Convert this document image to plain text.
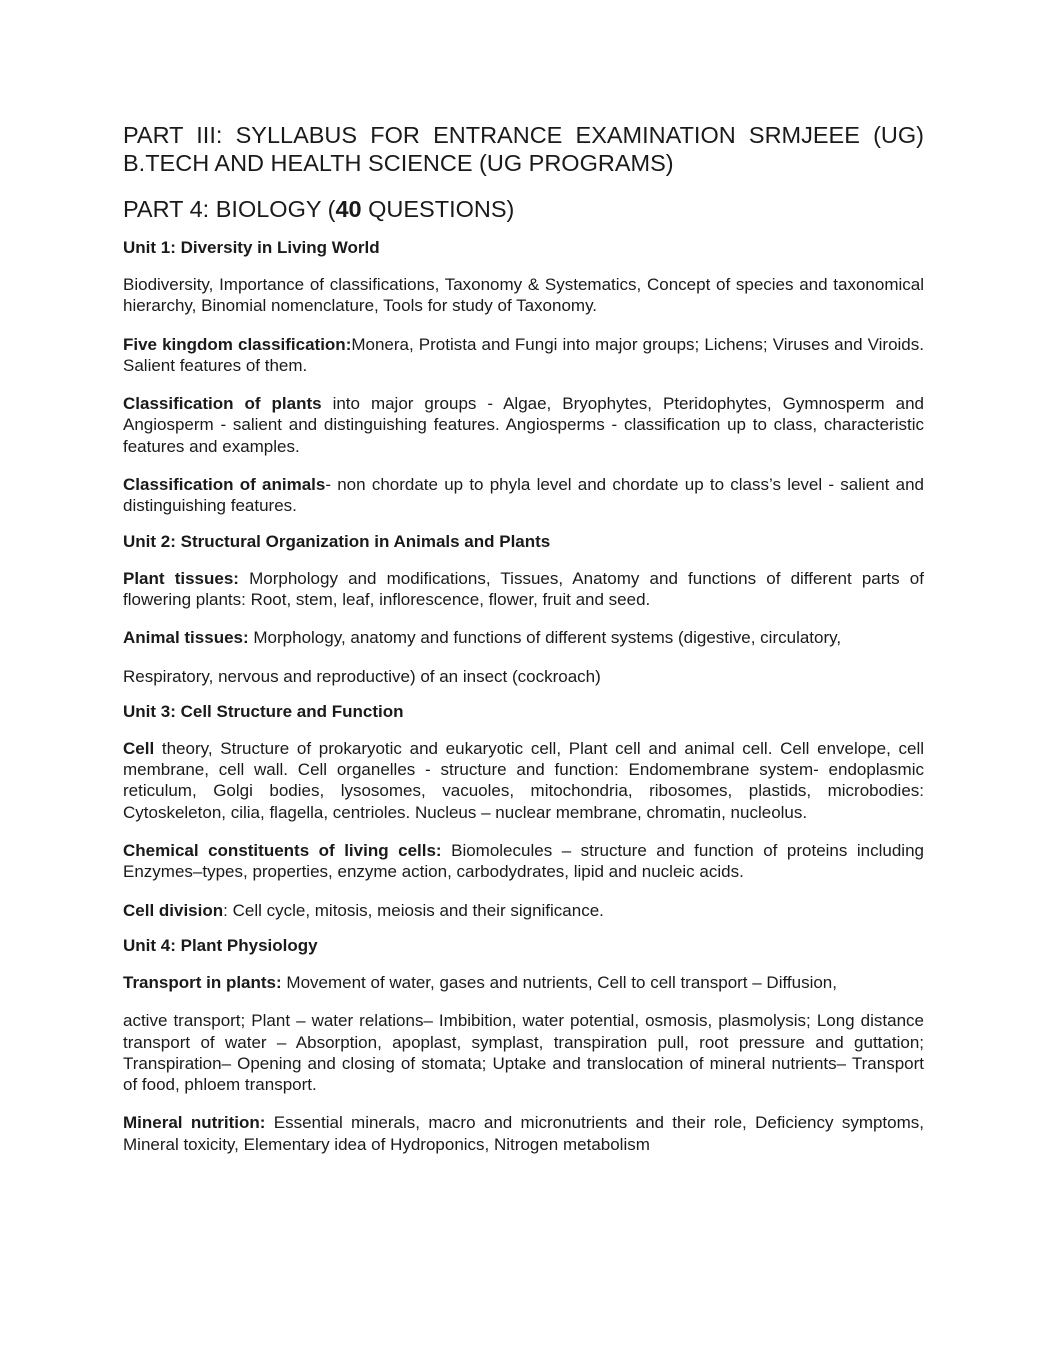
PART III: SYLLABUS FOR ENTRANCE EXAMINATION SRMJEEE (UG)
B.TECH AND HEALTH SCIENCE (UG PROGRAMS)
PART 4: BIOLOGY (40 QUESTIONS)
Unit 1: Diversity in Living World

Biodiversity, Importance of classifications, Taxonomy & Systematics, Concept of species and taxonomical hierarchy, Binomial nomenclature, Tools for study of Taxonomy.

Five kingdom classification:Monera, Protista and Fungi into major groups; Lichens; Viruses and Viroids. Salient features of them.

Classification of plants into major groups - Algae, Bryophytes, Pteridophytes, Gymnosperm and Angiosperm - salient and distinguishing features. Angiosperms - classification up to class, characteristic features and examples.

Classification of animals- non chordate up to phyla level and chordate up to class’s level - salient and distinguishing features.

Unit 2: Structural Organization in Animals and Plants

Plant tissues: Morphology and modifications, Tissues, Anatomy and functions of different parts of flowering plants: Root, stem, leaf, inflorescence, flower, fruit and seed.

Animal tissues: Morphology, anatomy and functions of different systems (digestive, circulatory,

Respiratory, nervous and reproductive) of an insect (cockroach)

Unit 3: Cell Structure and Function

Cell theory, Structure of prokaryotic and eukaryotic cell, Plant cell and animal cell. Cell envelope, cell membrane, cell wall. Cell organelles - structure and function: Endomembrane system- endoplasmic reticulum, Golgi bodies, lysosomes, vacuoles, mitochondria, ribosomes, plastids, microbodies: Cytoskeleton, cilia, flagella, centrioles. Nucleus – nuclear membrane, chromatin, nucleolus.

Chemical constituents of living cells: Biomolecules – structure and function of proteins including Enzymes–types, properties, enzyme action, carbodydrates, lipid and nucleic acids.

Cell division: Cell cycle, mitosis, meiosis and their significance.

Unit 4: Plant Physiology

Transport in plants: Movement of water, gases and nutrients, Cell to cell transport – Diffusion,

active transport; Plant – water relations– Imbibition, water potential, osmosis, plasmolysis; Long distance transport of water – Absorption, apoplast, symplast, transpiration pull, root pressure and guttation; Transpiration– Opening and closing of stomata; Uptake and translocation of mineral nutrients– Transport of food, phloem transport.

Mineral nutrition: Essential minerals, macro and micronutrients and their role, Deficiency symptoms, Mineral toxicity, Elementary idea of Hydroponics, Nitrogen metabolism
